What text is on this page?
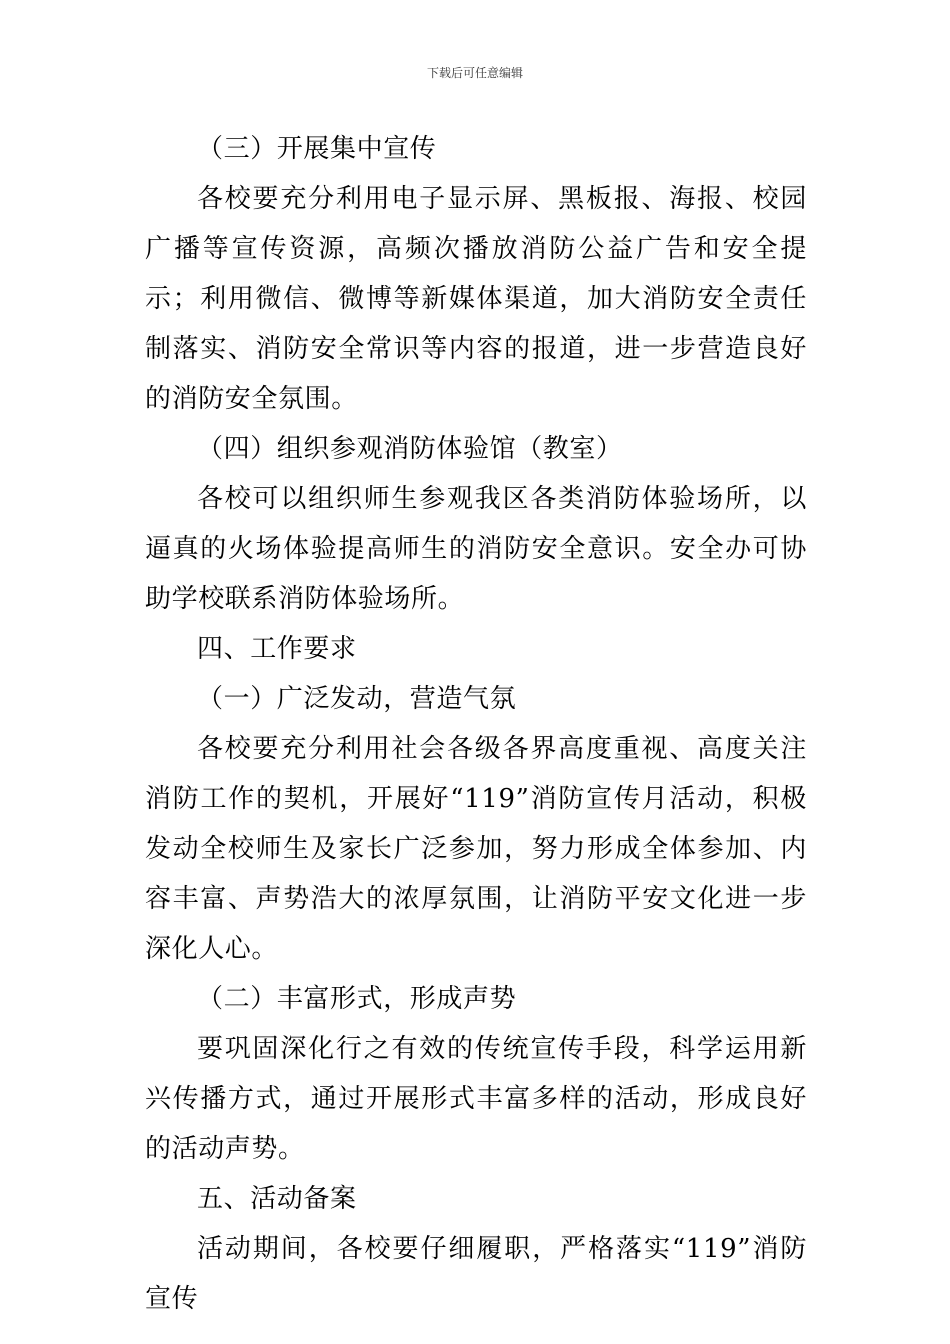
下载后可任意编辑

（三）开展集中宣传

各校要充分利用电子显示屏、黑板报、海报、校园广播等宣传资源，高频次播放消防公益广告和安全提示；利用微信、微博等新媒体渠道，加大消防安全责任制落实、消防安全常识等内容的报道，进一步营造良好的消防安全氛围。

（四）组织参观消防体验馆（教室）

各校可以组织师生参观我区各类消防体验场所，以逼真的火场体验提高师生的消防安全意识。安全办可协助学校联系消防体验场所。

四、工作要求

（一）广泛发动，营造气氛

各校要充分利用社会各级各界高度重视、高度关注消防工作的契机，开展好“119”消防宣传月活动，积极发动全校师生及家长广泛参加，努力形成全体参加、内容丰富、声势浩大的浓厚氛围，让消防平安文化进一步深化人心。

（二）丰富形式，形成声势

要巩固深化行之有效的传统宣传手段，科学运用新兴传播方式，通过开展形式丰富多样的活动，形成良好的活动声势。

五、活动备案

活动期间，各校要仔细履职，严格落实“119”消防宣传
